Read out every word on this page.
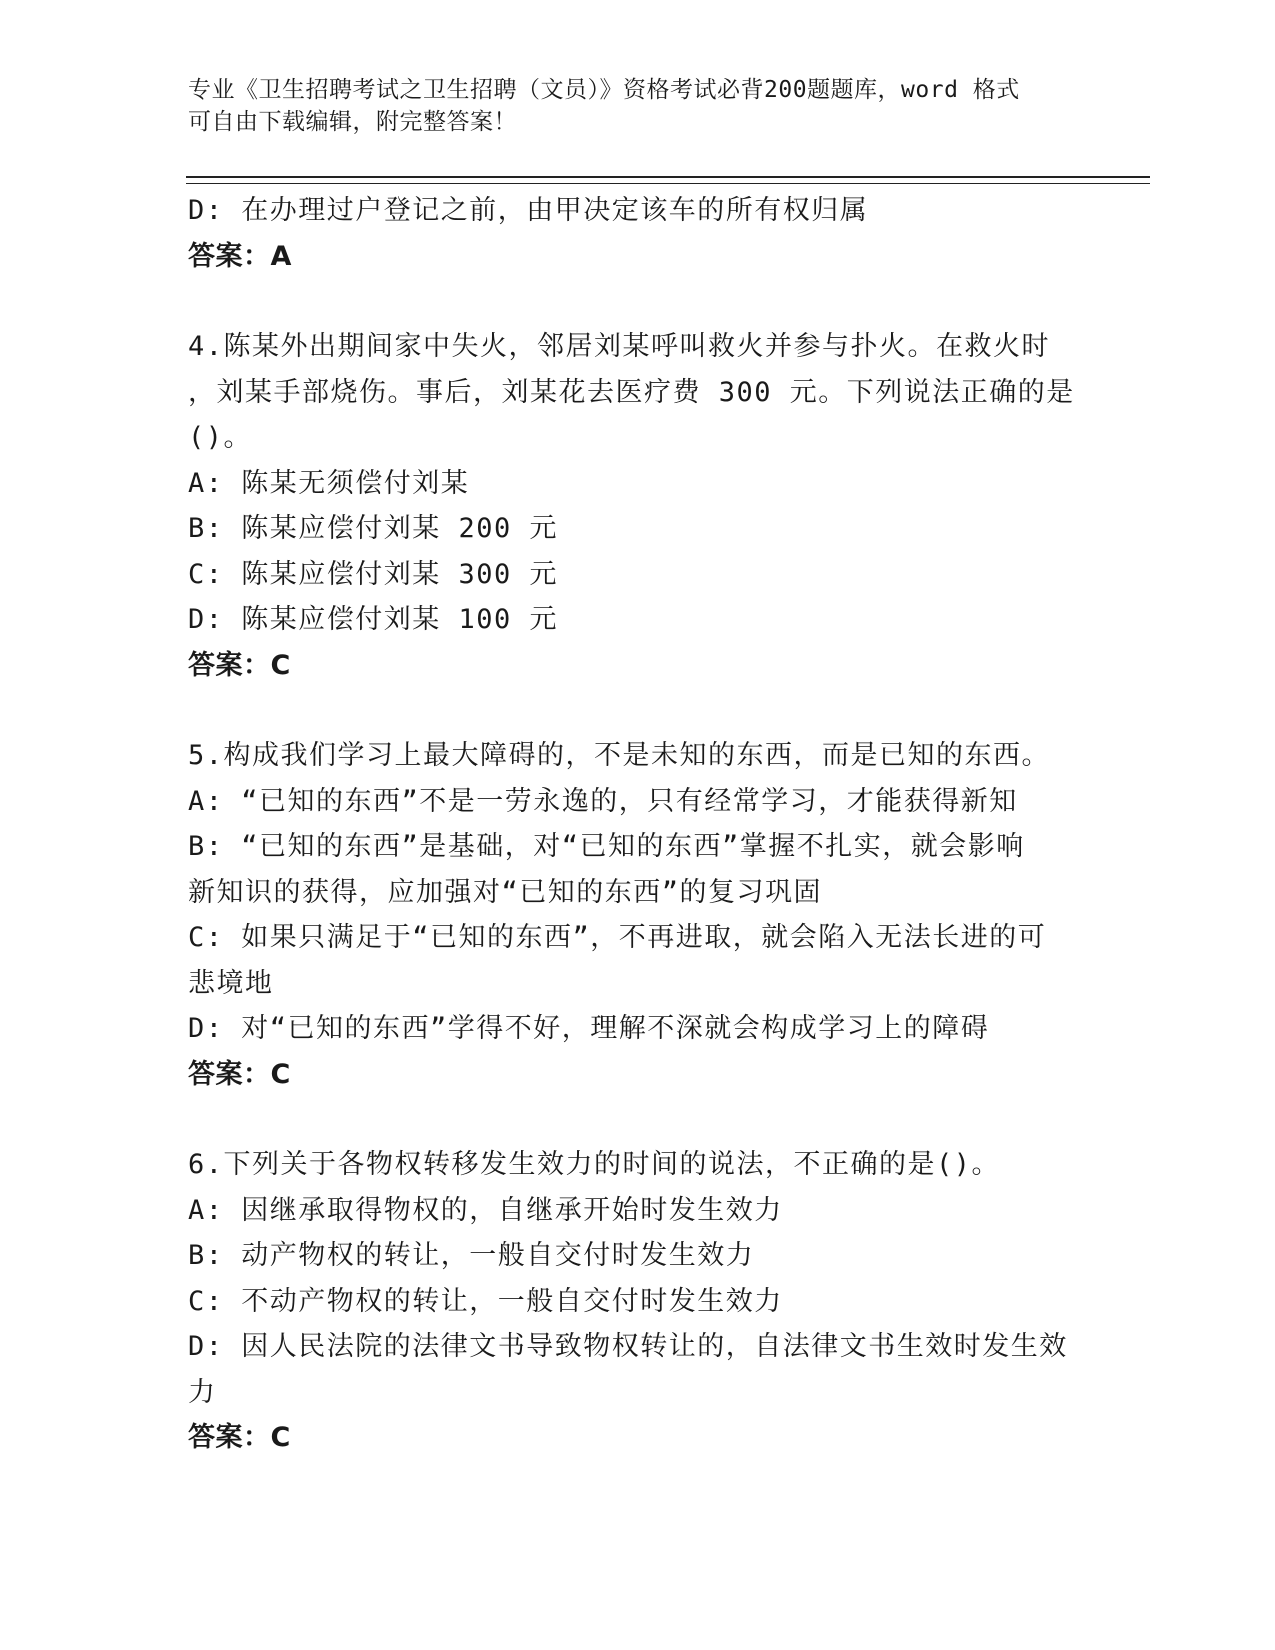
专业《卫生招聘考试之卫生招聘（文员）》资格考试必背200题题库，word 格式
可自由下载编辑，附完整答案！
D: 在办理过户登记之前，由甲决定该车的所有权归属
答案：A
4.陈某外出期间家中失火，邻居刘某呼叫救火并参与扑火。在救火时
，刘某手部烧伤。事后，刘某花去医疗费 300 元。下列说法正确的是
()。
A: 陈某无须偿付刘某
B: 陈某应偿付刘某 200 元
C: 陈某应偿付刘某 300 元
D: 陈某应偿付刘某 100 元
答案：C
5.构成我们学习上最大障碍的，不是未知的东西，而是已知的东西。
A: “已知的东西”不是一劳永逸的，只有经常学习，才能获得新知
B: “已知的东西”是基础，对“已知的东西”掌握不扎实，就会影响
新知识的获得，应加强对“已知的东西”的复习巩固
C: 如果只满足于“已知的东西”，不再进取，就会陷入无法长进的可
悲境地
D: 对“已知的东西”学得不好，理解不深就会构成学习上的障碍
答案：C
6.下列关于各物权转移发生效力的时间的说法，不正确的是()。
A: 因继承取得物权的，自继承开始时发生效力
B: 动产物权的转让，一般自交付时发生效力
C: 不动产物权的转让，一般自交付时发生效力
D: 因人民法院的法律文书导致物权转让的，自法律文书生效时发生效
力
答案：C
